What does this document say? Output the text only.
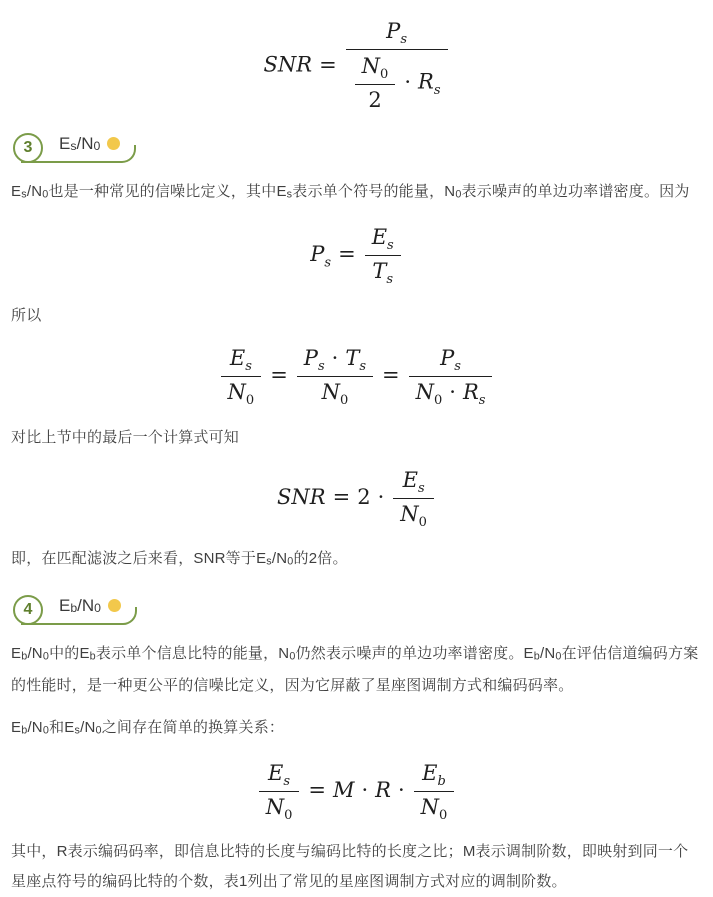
SNR = $\frac{P_s}{\frac{N_0}{2} \cdot R_s}$
3	Es/N0

Es/N0也是一种常见的信噪比定义，其中Es表示单个符号的能量，N0表示噪声的单边功率谱密度。因为

$P_s = \frac{E_s}{T_s}$

所以

$\frac{E_s}{N_0} = \frac{P_s \cdot T_s}{N_0} = \frac{P_s}{N_0 \cdot R_s}$

对比上节中的最后一个计算式可知

SNR = $2 \cdot \frac{E_s}{N_0}$

即，在匹配滤波之后来看，SNR等于Es/N0的2倍。

4	Eb/N0

Eb/N0中的Eb表示单个信息比特的能量，N0仍然表示噪声的单边功率谱密度。Eb/N0在评估信道编码方案的性能时，是一种更公平的信噪比定义，因为它屏蔽了星座图调制方式和编码码率。

Eb/N0和Es/N0之间存在简单的换算关系：

$\frac{E_s}{N_0} = M \cdot R \cdot \frac{E_b}{N_0}$

其中，R表示编码码率，即信息比特的长度与编码比特的长度之比；M表示调制阶数，即映射到同一个星座点符号的编码比特的个数，表1列出了常见的星座图调制方式对应的调制阶数。
